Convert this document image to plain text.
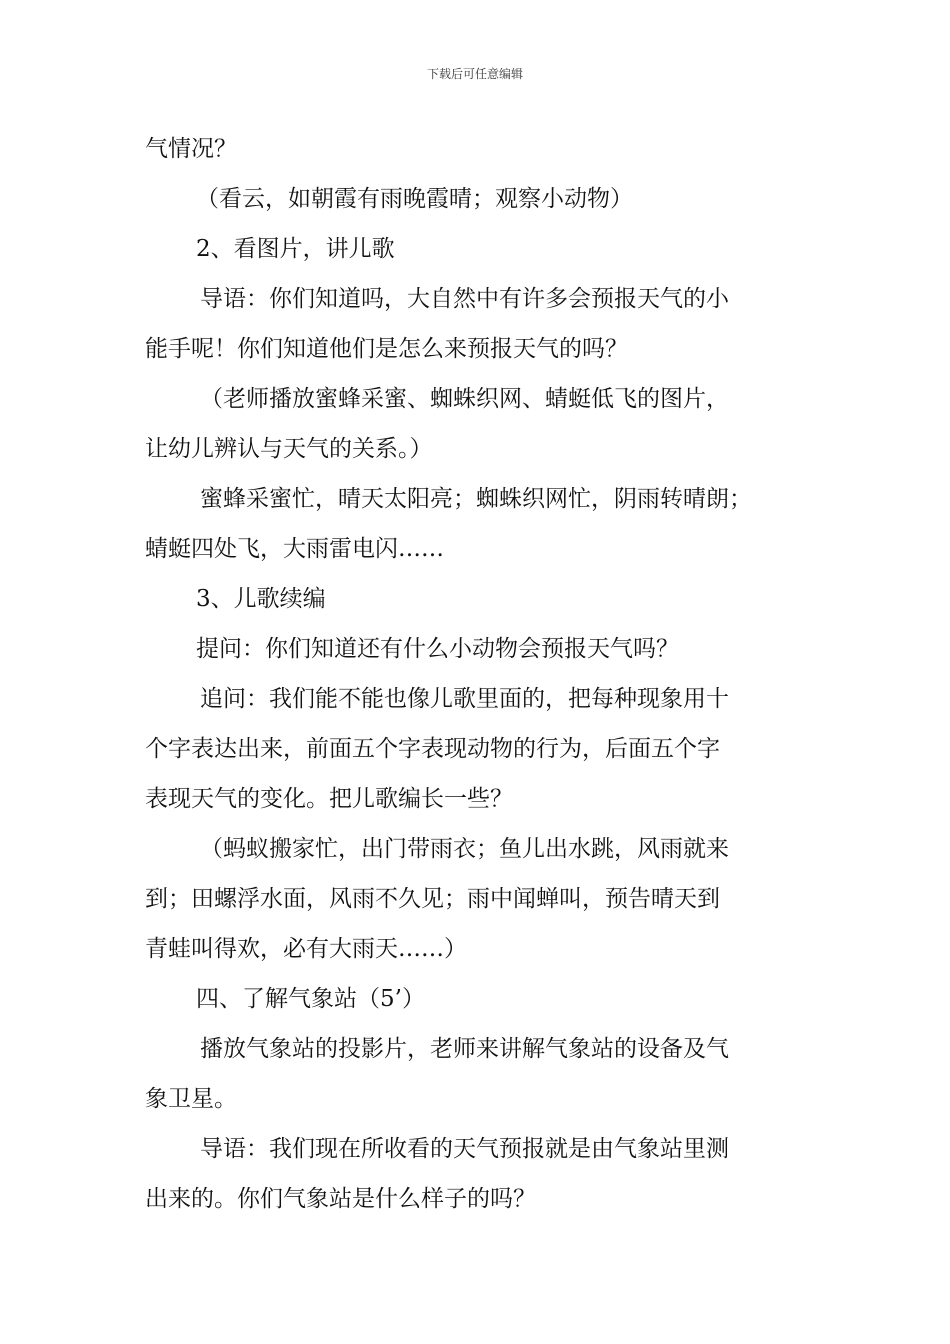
下载后可任意编辑
气情况？
（看云，如朝霞有雨晚霞晴；观察小动物）
2、看图片，讲儿歌
导语：你们知道吗，大自然中有许多会预报天气的小
能手呢！你们知道他们是怎么来预报天气的吗？
（老师播放蜜蜂采蜜、蜘蛛织网、蜻蜓低飞的图片，
让幼儿辨认与天气的关系。）
蜜蜂采蜜忙，晴天太阳亮；蜘蛛织网忙，阴雨转晴朗；
蜻蜓四处飞，大雨雷电闪……
3、儿歌续编
提问：你们知道还有什么小动物会预报天气吗？
追问：我们能不能也像儿歌里面的，把每种现象用十
个字表达出来，前面五个字表现动物的行为，后面五个字
表现天气的变化。把儿歌编长一些？
（蚂蚁搬家忙，出门带雨衣；鱼儿出水跳，风雨就来
到；田螺浮水面，风雨不久见；雨中闻蝉叫，预告晴天到
青蛙叫得欢，必有大雨天……）
四、了解气象站（5’）
播放气象站的投影片，老师来讲解气象站的设备及气
象卫星。
导语：我们现在所收看的天气预报就是由气象站里测
出来的。你们气象站是什么样子的吗？
